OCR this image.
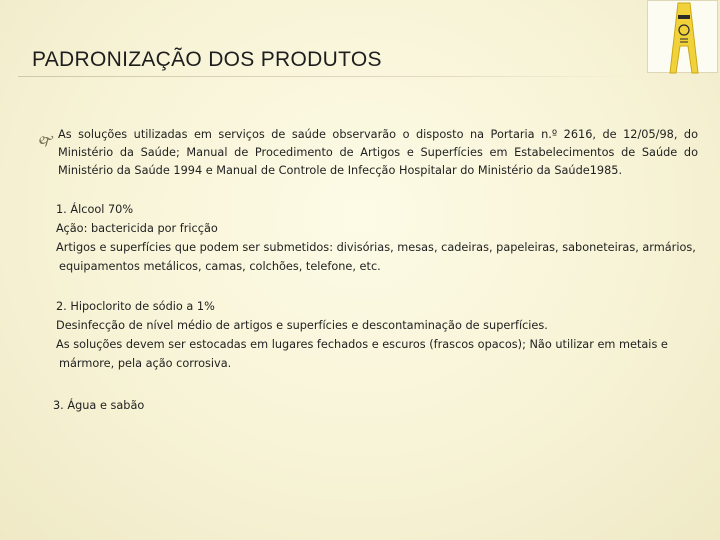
PADRONIZAÇÃO DOS PRODUTOS
🙰 As soluções utilizadas em serviços de saúde observarão o disposto na Portaria n.º 2616, de 12/05/98, do Ministério da Saúde; Manual de Procedimento de Artigos e Superfícies em Estabelecimentos de Saúde do Ministério da Saúde 1994 e Manual de Controle de Infecção Hospitalar do Ministério da Saúde1985.

1. Álcool 70%

Ação: bactericida por fricção

Artigos e superfícies que podem ser submetidos: divisórias, mesas, cadeiras, papeleiras, saboneteiras, armários,

equipamentos metálicos, camas, colchões, telefone, etc.

2. Hipoclorito de sódio a 1%

Desinfecção de nível médio de artigos e superfícies e descontaminação de superfícies.

As soluções devem ser estocadas em lugares fechados e escuros (frascos opacos); Não utilizar em metais e

mármore, pela ação corrosiva.

3. Água e sabão
